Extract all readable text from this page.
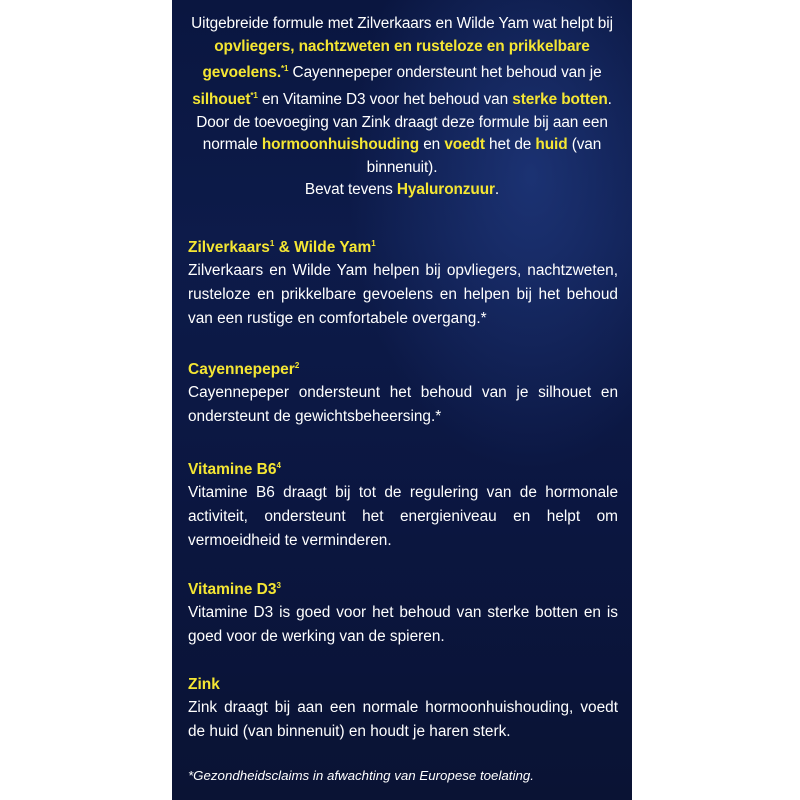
Uitgebreide formule met Zilverkaars en Wilde Yam wat helpt bij opvliegers, nachtzweten en rusteloze en prikkelbare gevoelens.$^{*1}$ Cayennepeper ondersteunt het behoud van je silhouet$^{*1}$ en Vitamine D3 voor het behoud van sterke botten. Door de toevoeging van Zink draagt deze formule bij aan een normale hormoonhuishouding en voedt het de huid (van binnenuit).
Bevat tevens Hyaluronzuur.
Zilverkaars$^1$ & Wilde Yam$^1$

Zilverkaars en Wilde Yam helpen bij opvliegers, nachtzweten, rusteloze en prikkelbare gevoelens en helpen bij het behoud van een rustige en comfortabele overgang.*

Cayennepeper$^2$

Cayennepeper ondersteunt het behoud van je silhouet en ondersteunt de gewichtsbeheersing.*

Vitamine $B6^4$

Vitamine B6 draagt bij tot de regulering van de hormonale activiteit, ondersteunt het energieniveau en helpt om vermoeidheid te verminderen.

Vitamine $D3^3$

Vitamine D3 is goed voor het behoud van sterke botten en is goed voor de werking van de spieren.

Zink

Zink draagt bij aan een normale hormoonhuishouding, voedt de huid (van binnenuit) en houdt je haren sterk.

*Gezondheidsclaims in afwachting van Europese toelating.
